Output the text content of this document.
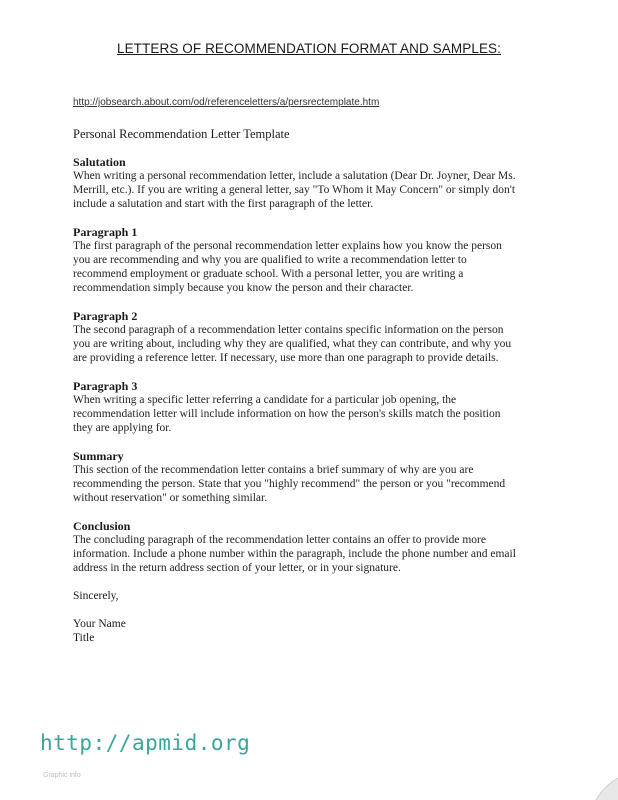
LETTERS OF RECOMMENDATION FORMAT AND SAMPLES:
http://jobsearch.about.com/od/referenceletters/a/persrectemplate.htm
Personal Recommendation Letter Template
Salutation
When writing a personal recommendation letter, include a salutation (Dear Dr. Joyner, Dear Ms.
Merrill, etc.). If you are writing a general letter, say "To Whom it May Concern" or simply don't
include a salutation and start with the first paragraph of the letter.
Paragraph 1
The first paragraph of the personal recommendation letter explains how you know the person
you are recommending and why you are qualified to write a recommendation letter to
recommend employment or graduate school. With a personal letter, you are writing a
recommendation simply because you know the person and their character.
Paragraph 2
The second paragraph of a recommendation letter contains specific information on the person
you are writing about, including why they are qualified, what they can contribute, and why you
are providing a reference letter. If necessary, use more than one paragraph to provide details.
Paragraph 3
When writing a specific letter referring a candidate for a particular job opening, the
recommendation letter will include information on how the person's skills match the position
they are applying for.
Summary
This section of the recommendation letter contains a brief summary of why are you are
recommending the person. State that you "highly recommend" the person or you "recommend
without reservation" or something similar.
Conclusion
The concluding paragraph of the recommendation letter contains an offer to provide more
information. Include a phone number within the paragraph, include the phone number and email
address in the return address section of your letter, or in your signature.
Sincerely,
Your Name
Title
http://apmid.org
Graphic info
